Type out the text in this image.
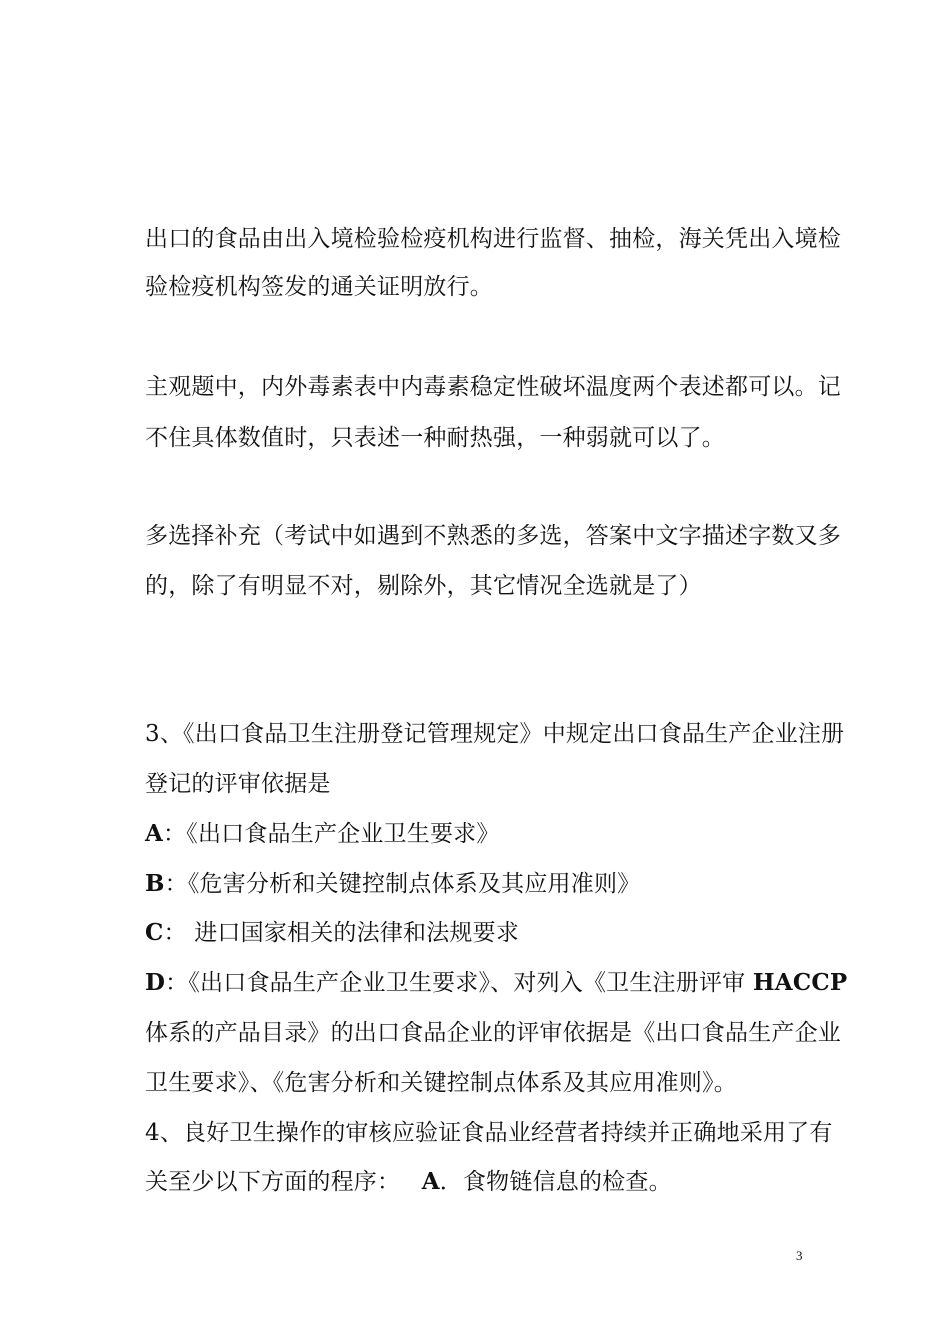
出口的食品由出入境检验检疫机构进行监督、抽检，海关凭出入境检
验检疫机构签发的通关证明放行。
主观题中，内外毒素表中内毒素稳定性破坏温度两个表述都可以。记
不住具体数值时，只表述一种耐热强，一种弱就可以了。
多选择补充（考试中如遇到不熟悉的多选，答案中文字描述字数又多
的，除了有明显不对，剔除外，其它情况全选就是了）
3、《出口食品卫生注册登记管理规定》中规定出口食品生产企业注册
登记的评审依据是
A：《出口食品生产企业卫生要求》
B：《危害分析和关键控制点体系及其应用准则》
C： 进口国家相关的法律和法规要求
D：《出口食品生产企业卫生要求》、对列入《卫生注册评审 HACCP
体系的产品目录》的出口食品企业的评审依据是《出口食品生产企业
卫生要求》、《危害分析和关键控制点体系及其应用准则》。
4、良好卫生操作的审核应验证食品业经营者持续并正确地采用了有
关至少以下方面的程序： A．食物链信息的检查。
3
